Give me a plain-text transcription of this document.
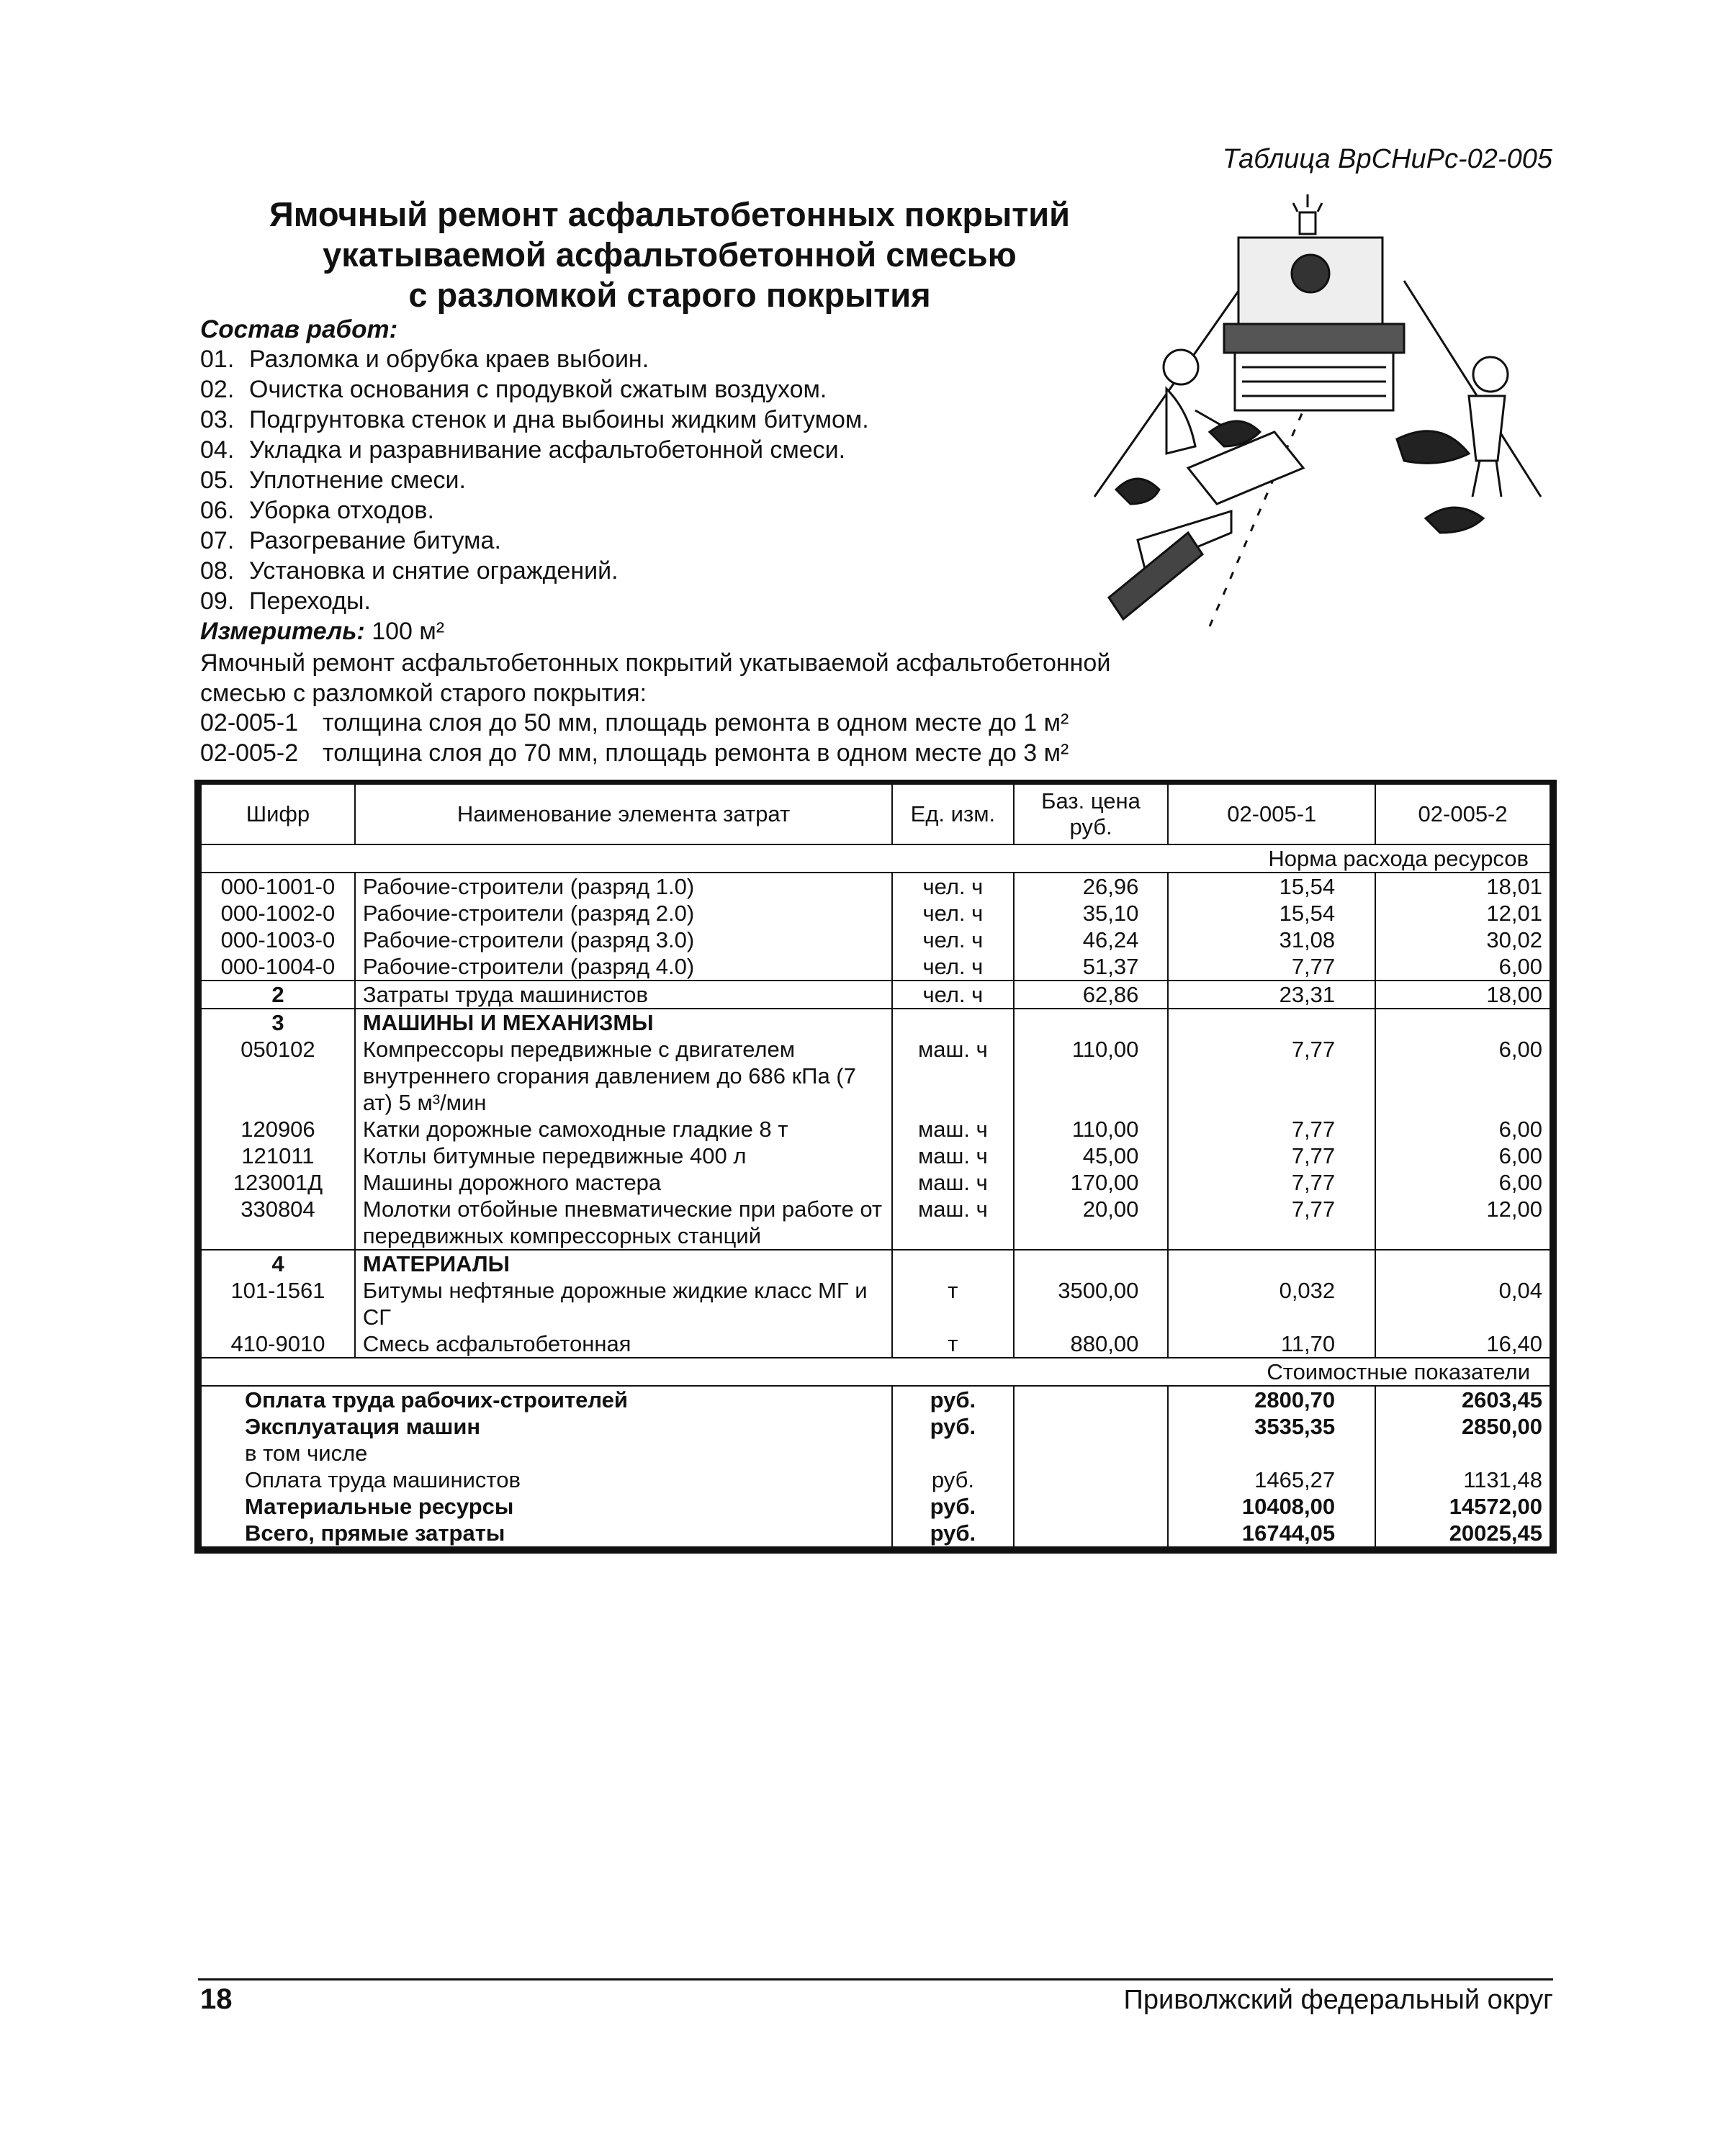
Таблица ВрСНиРс-02-005
Ямочный ремонт асфальтобетонных покрытий
укатываемой асфальтобетонной смесью
с разломкой старого покрытия
Состав работ:
01. Разломка и обрубка краев выбоин.
02. Очистка основания с продувкой сжатым воздухом.
03. Подгрунтовка стенок и дна выбоины жидким битумом.
04. Укладка и разравнивание асфальтобетонной смеси.
05. Уплотнение смеси.
06. Уборка отходов.
07. Разогревание битума.
08. Установка и снятие ограждений.
09. Переходы.
Измеритель: 100 м²
Ямочный ремонт асфальтобетонных покрытий укатываемой асфальтобетонной смесью с разломкой старого покрытия:
02-005-1 толщина слоя до 50 мм, площадь ремонта в одном месте до 1 м²
02-005-2 толщина слоя до 70 мм, площадь ремонта в одном месте до 3 м²
Шифр	Наименование элемента затрат	Ед. изм.	Баз. цена руб.	02-005-1	02-005-2
				Норма расхода ресурсов	
000-1001-0	Рабочие-строители (разряд 1.0)	чел. ч	26,96	15,54	18,01
000-1002-0	Рабочие-строители (разряд 2.0)	чел. ч	35,10	15,54	12,01
000-1003-0	Рабочие-строители (разряд 3.0)	чел. ч	46,24	31,08	30,02
000-1004-0	Рабочие-строители (разряд 4.0)	чел. ч	51,37	7,77	6,00
2	Затраты труда машинистов	чел. ч	62,86	23,31	18,00
3	МАШИНЫ И МЕХАНИЗМЫ				
050102	Компрессоры передвижные с двигателем внутреннего сгорания давлением до 686 кПа (7 ат) 5 м³/мин	маш. ч	110,00	7,77	6,00
120906	Катки дорожные самоходные гладкие 8 т	маш. ч	110,00	7,77	6,00
121011	Котлы битумные передвижные 400 л	маш. ч	45,00	7,77	6,00
123001Д	Машины дорожного мастера	маш. ч	170,00	7,77	6,00
330804	Молотки отбойные пневматические при работе от передвижных компрессорных станций	маш. ч	20,00	7,77	12,00
4	МАТЕРИАЛЫ				
101-1561	Битумы нефтяные дорожные жидкие класс МГ и СГ	т	3500,00	0,032	0,04
410-9010	Смесь асфальтобетонная	т	880,00	11,70	16,40
				Стоимостные показатели	
Оплата труда рабочих-строителей		руб.		2800,70	2603,45
Эксплуатация машин		руб.		3535,35	2850,00
в том числе					
Оплата труда машинистов		руб.		1465,27	1131,48
Материальные ресурсы		руб.		10408,00	14572,00
Всего, прямые затраты		руб.		16744,05	20025,45
18	Приволжский федеральный округ
